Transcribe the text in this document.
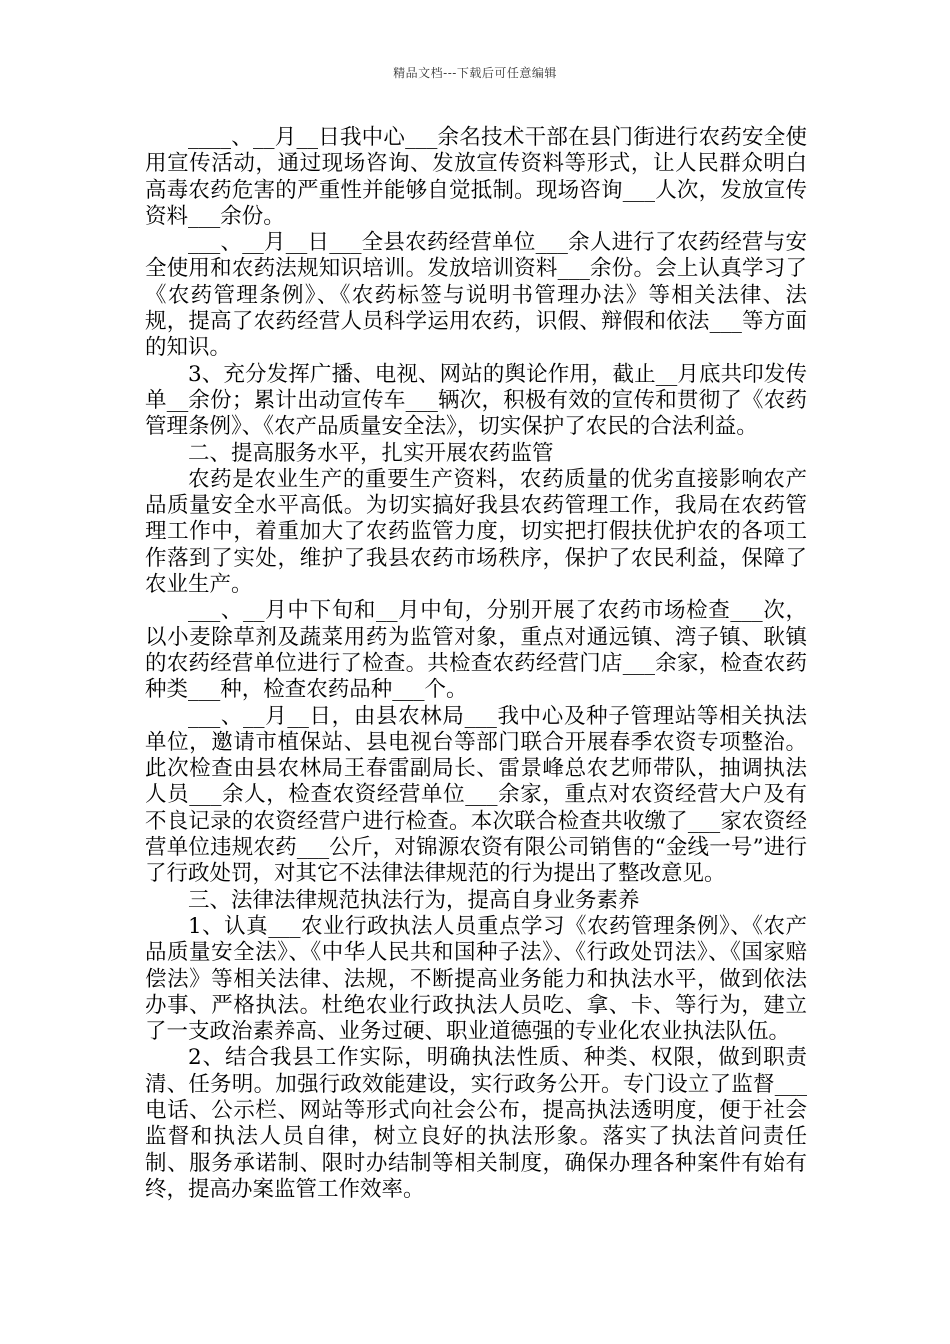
精品文档---下载后可任意编辑

____、__月__日我中心___余名技术干部在县门街进行农药安全使用宣传活动，通过现场咨询、发放宣传资料等形式，让人民群众明白高毒农药危害的严重性并能够自觉抵制。现场咨询___人次，发放宣传资料___余份。

___、__月__日___全县农药经营单位___余人进行了农药经营与安全使用和农药法规知识培训。发放培训资料___余份。会上认真学习了《农药管理条例》、《农药标签与说明书管理办法》等相关法律、法规，提高了农药经营人员科学运用农药，识假、辩假和依法___等方面的知识。

3、充分发挥广播、电视、网站的舆论作用，截止__月底共印发传单__余份；累计出动宣传车___辆次，积极有效的宣传和贯彻了《农药管理条例》、《农产品质量安全法》，切实保护了农民的合法利益。

二、提高服务水平，扎实开展农药监管

农药是农业生产的重要生产资料，农药质量的优劣直接影响农产品质量安全水平高低。为切实搞好我县农药管理工作，我局在农药管理工作中，着重加大了农药监管力度，切实把打假扶优护农的各项工作落到了实处，维护了我县农药市场秩序，保护了农民利益，保障了农业生产。

___、__月中下旬和__月中旬，分别开展了农药市场检查___次，以小麦除草剂及蔬菜用药为监管对象，重点对通远镇、湾子镇、耿镇的农药经营单位进行了检查。共检查农药经营门店___余家，检查农药种类___种，检查农药品种___个。

___、__月__日，由县农林局___我中心及种子管理站等相关执法单位，邀请市植保站、县电视台等部门联合开展春季农资专项整治。此次检查由县农林局王春雷副局长、雷景峰总农艺师带队，抽调执法人员___余人，检查农资经营单位___余家，重点对农资经营大户及有不良记录的农资经营户进行检查。本次联合检查共收缴了___家农资经营单位违规农药___公斤，对锦源农资有限公司销售的“金线一号”进行了行政处罚，对其它不法律法律规范的行为提出了整改意见。

三、法律法律规范执法行为，提高自身业务素养

1、认真___农业行政执法人员重点学习《农药管理条例》、《农产品质量安全法》、《中华人民共和国种子法》、《行政处罚法》、《国家赔偿法》等相关法律、法规，不断提高业务能力和执法水平，做到依法办事、严格执法。杜绝农业行政执法人员吃、拿、卡、等行为，建立了一支政治素养高、业务过硬、职业道德强的专业化农业执法队伍。

2、结合我县工作实际，明确执法性质、种类、权限，做到职责清、任务明。加强行政效能建设，实行政务公开。专门设立了监督___电话、公示栏、网站等形式向社会公布，提高执法透明度，便于社会监督和执法人员自律，树立良好的执法形象。落实了执法首问责任制、服务承诺制、限时办结制等相关制度，确保办理各种案件有始有终，提高办案监管工作效率。
